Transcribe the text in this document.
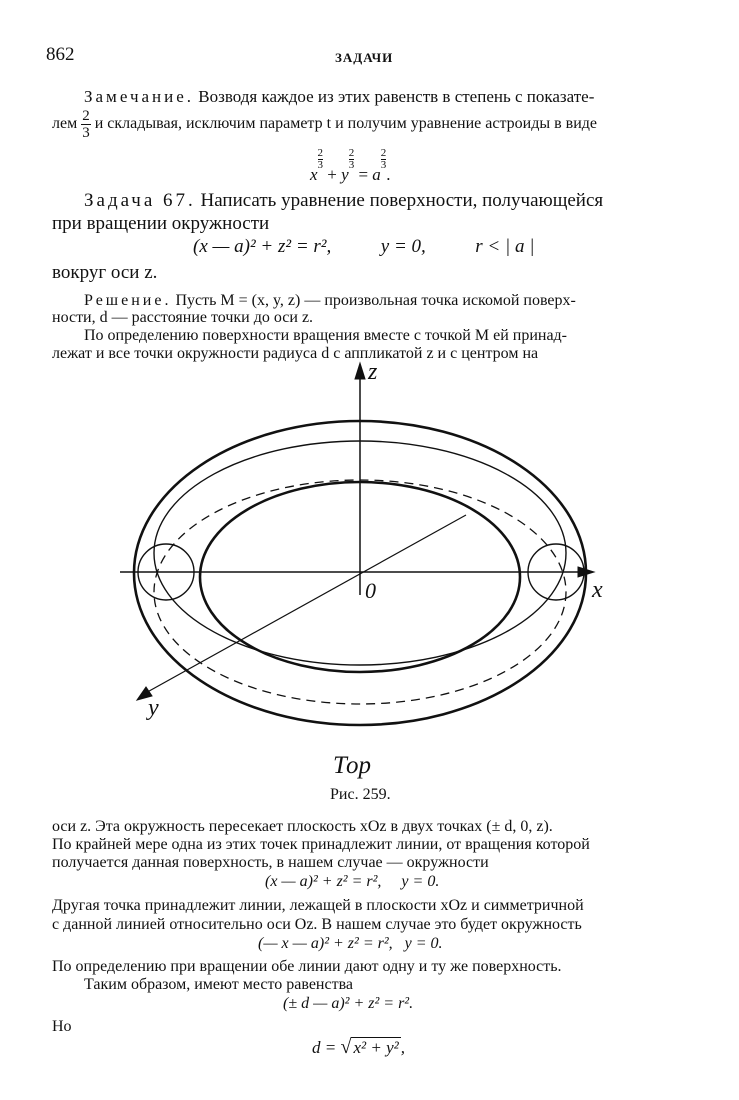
862	ЗАДАЧИ
Замечание. Возводя каждое из этих равенств в степень с показате-
лем $\frac{2}{3}$ и складывая, исключим параметр t и получим уравнение астроиды в виде
x
$\frac{2}{3} + y$
$\frac{2}{3} = a$
$\frac{2}{3}$.
Задача 67. Написать уравнение поверхности, получающейся
при вращении окружности
(x — a)² + z² = r²,	y = 0,	r < | a |
вокруг оси z.
Решение. Пусть M = (x, y, z) — произвольная точка искомой поверх-
ности, d — расстояние точки до оси z.
По определению поверхности вращения вместе с точкой M ей принад-
лежат и все точки окружности радиуса d с аппликатой z и с центром на
z
x
y
0
Тор
Рис. 259.
оси z. Эта окружность пересекает плоскость xOz в двух точках (± d, 0, z).
По крайней мере одна из этих точек принадлежит линии, от вращения которой
получается данная поверхность, в нашем случае — окружности
(x — a)² + z² = r²,     y = 0.
Другая точка принадлежит линии, лежащей в плоскости xOz и симметричной
с данной линией относительно оси Oz. В нашем случае это будет окружность
(— x — a)² + z² = r²,   y = 0.
По определению при вращении обе линии дают одну и ту же поверхность.
Таким образом, имеют место равенства
(± d — a)² + z² = r².
Но
d = √ x² + y² ,
